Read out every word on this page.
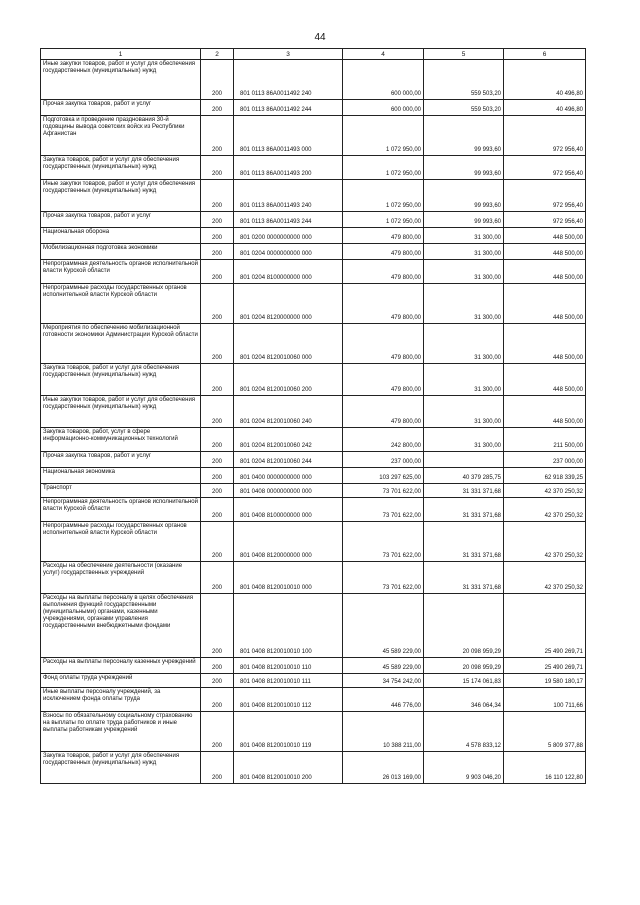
44
1	2	3	4	5	6
Иные закупки товаров, работ и услуг для обеспечения государственных (муниципальных) нужд	200	801 0113 86А0011492 240	600 000,00	559 503,20	40 496,80
Прочая закупка товаров, работ и услуг	200	801 0113 86А0011492 244	600 000,00	559 503,20	40 496,80
Подготовка и проведение празднования 30-й годовщины вывода советских войск из Республики Афганистан	200	801 0113 86А0011493 000	1 072 950,00	99 993,60	972 956,40
Закупка товаров, работ и услуг для обеспечения государственных (муниципальных) нужд	200	801 0113 86А0011493 200	1 072 950,00	99 993,60	972 956,40
Иные закупки товаров, работ и услуг для обеспечения государственных (муниципальных) нужд	200	801 0113 86А0011493 240	1 072 950,00	99 993,60	972 956,40
Прочая закупка товаров, работ и услуг	200	801 0113 86А0011493 244	1 072 950,00	99 993,60	972 956,40
Национальная оборона	200	801 0200 0000000000 000	479 800,00	31 300,00	448 500,00
Мобилизационная подготовка экономики	200	801 0204 0000000000 000	479 800,00	31 300,00	448 500,00
Непрограммная деятельность органов исполнительной власти Курской области	200	801 0204 8100000000 000	479 800,00	31 300,00	448 500,00
Непрограммные расходы государственных органов исполнительной власти Курской области	200	801 0204 8120000000 000	479 800,00	31 300,00	448 500,00
Мероприятия по обеспечению мобилизационной готовности экономики Администрации Курской области	200	801 0204 8120010060 000	479 800,00	31 300,00	448 500,00
Закупка товаров, работ и услуг для обеспечения государственных (муниципальных) нужд	200	801 0204 8120010060 200	479 800,00	31 300,00	448 500,00
Иные закупки товаров, работ и услуг для обеспечения государственных (муниципальных) нужд	200	801 0204 8120010060 240	479 800,00	31 300,00	448 500,00
Закупка товаров, работ, услуг в сфере информационно-коммуникационных технологий	200	801 0204 8120010060 242	242 800,00	31 300,00	211 500,00
Прочая закупка товаров, работ и услуг	200	801 0204 8120010060 244	237 000,00		237 000,00
Национальная экономика	200	801 0400 0000000000 000	103 297 625,00	40 379 285,75	62 918 339,25
Транспорт	200	801 0408 0000000000 000	73 701 622,00	31 331 371,68	42 370 250,32
Непрограммная деятельность органов исполнительной власти Курской области	200	801 0408 8100000000 000	73 701 622,00	31 331 371,68	42 370 250,32
Непрограммные расходы государственных органов исполнительной власти Курской области	200	801 0408 8120000000 000	73 701 622,00	31 331 371,68	42 370 250,32
Расходы на обеспечение деятельности (оказание услуг) государственных учреждений	200	801 0408 8120010010 000	73 701 622,00	31 331 371,68	42 370 250,32
Расходы на выплаты персоналу в целях обеспечения выполнения функций государственными (муниципальными) органами, казенными учреждениями, органами управления государственными внебюджетными фондами	200	801 0408 8120010010 100	45 589 229,00	20 098 959,29	25 490 269,71
Расходы на выплаты персоналу казенных учреждений	200	801 0408 8120010010 110	45 589 229,00	20 098 959,29	25 490 269,71
Фонд оплаты труда учреждений	200	801 0408 8120010010 111	34 754 242,00	15 174 061,83	19 580 180,17
Иные выплаты персоналу учреждений, за исключением фонда оплаты труда	200	801 0408 8120010010 112	446 776,00	346 064,34	100 711,66
Взносы по обязательному социальному страхованию на выплаты по оплате труда работников и иные выплаты работникам учреждений	200	801 0408 8120010010 119	10 388 211,00	4 578 833,12	5 809 377,88
Закупка товаров, работ и услуг для обеспечения государственных (муниципальных) нужд	200	801 0408 8120010010 200	26 013 169,00	9 903 046,20	16 110 122,80
